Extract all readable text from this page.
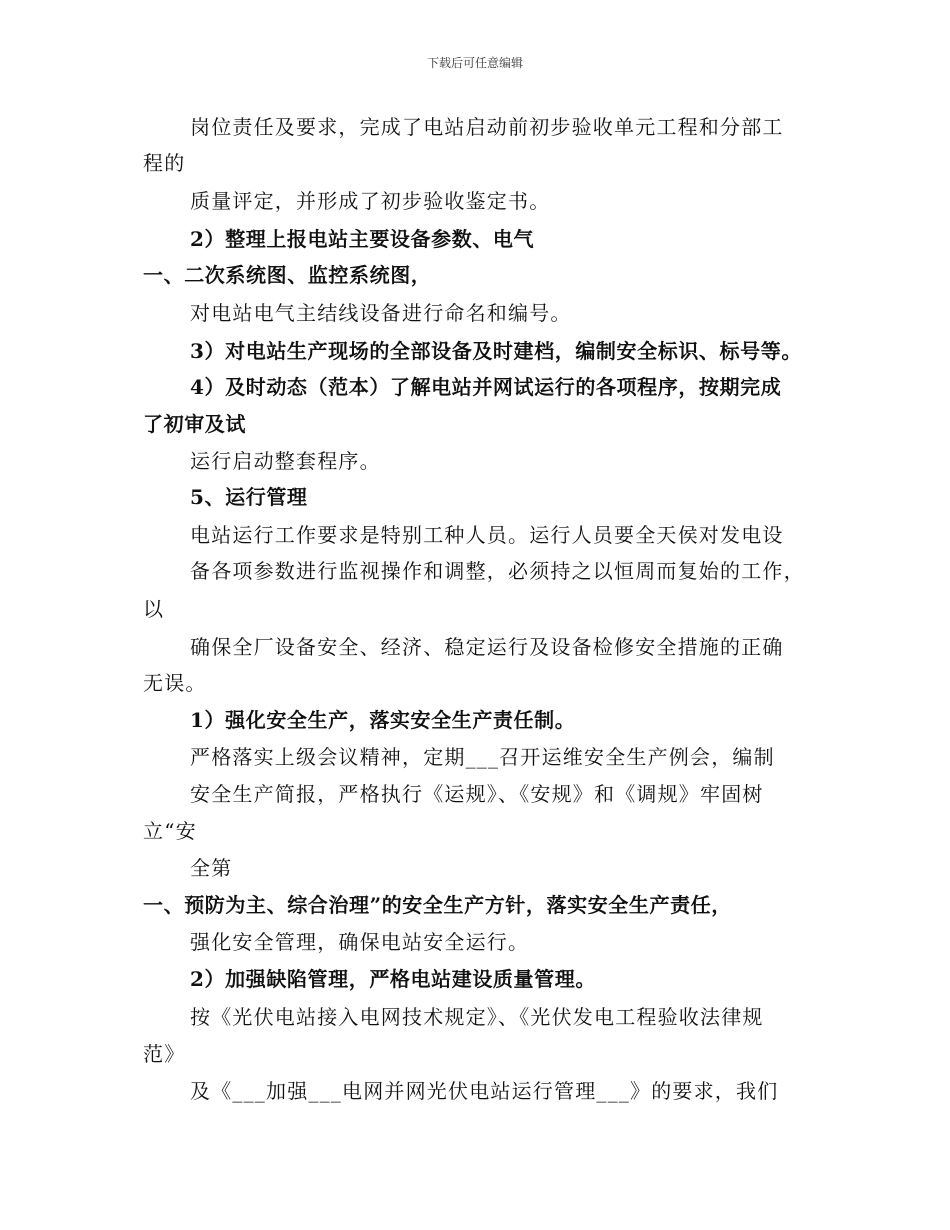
下载后可任意编辑
岗位责任及要求，完成了电站启动前初步验收单元工程和分部工
程的
质量评定，并形成了初步验收鉴定书。
2）整理上报电站主要设备参数、电气
一、二次系统图、监控系统图，
对电站电气主结线设备进行命名和编号。
3）对电站生产现场的全部设备及时建档，编制安全标识、标号等。
4）及时动态（范本）了解电站并网试运行的各项程序，按期完成
了初审及试
运行启动整套程序。
5、运行管理
电站运行工作要求是特别工种人员。运行人员要全天侯对发电设
备各项参数进行监视操作和调整，必须持之以恒周而复始的工作，
以
确保全厂设备安全、经济、稳定运行及设备检修安全措施的正确
无误。
1）强化安全生产，落实安全生产责任制。
严格落实上级会议精神，定期___召开运维安全生产例会，编制
安全生产简报，严格执行《运规》、《安规》和《调规》牢固树
立“安
全第
一、预防为主、综合治理”的安全生产方针，落实安全生产责任，
强化安全管理，确保电站安全运行。
2）加强缺陷管理，严格电站建设质量管理。
按《光伏电站接入电网技术规定》、《光伏发电工程验收法律规
范》
及《___加强___电网并网光伏电站运行管理___》的要求，我们
